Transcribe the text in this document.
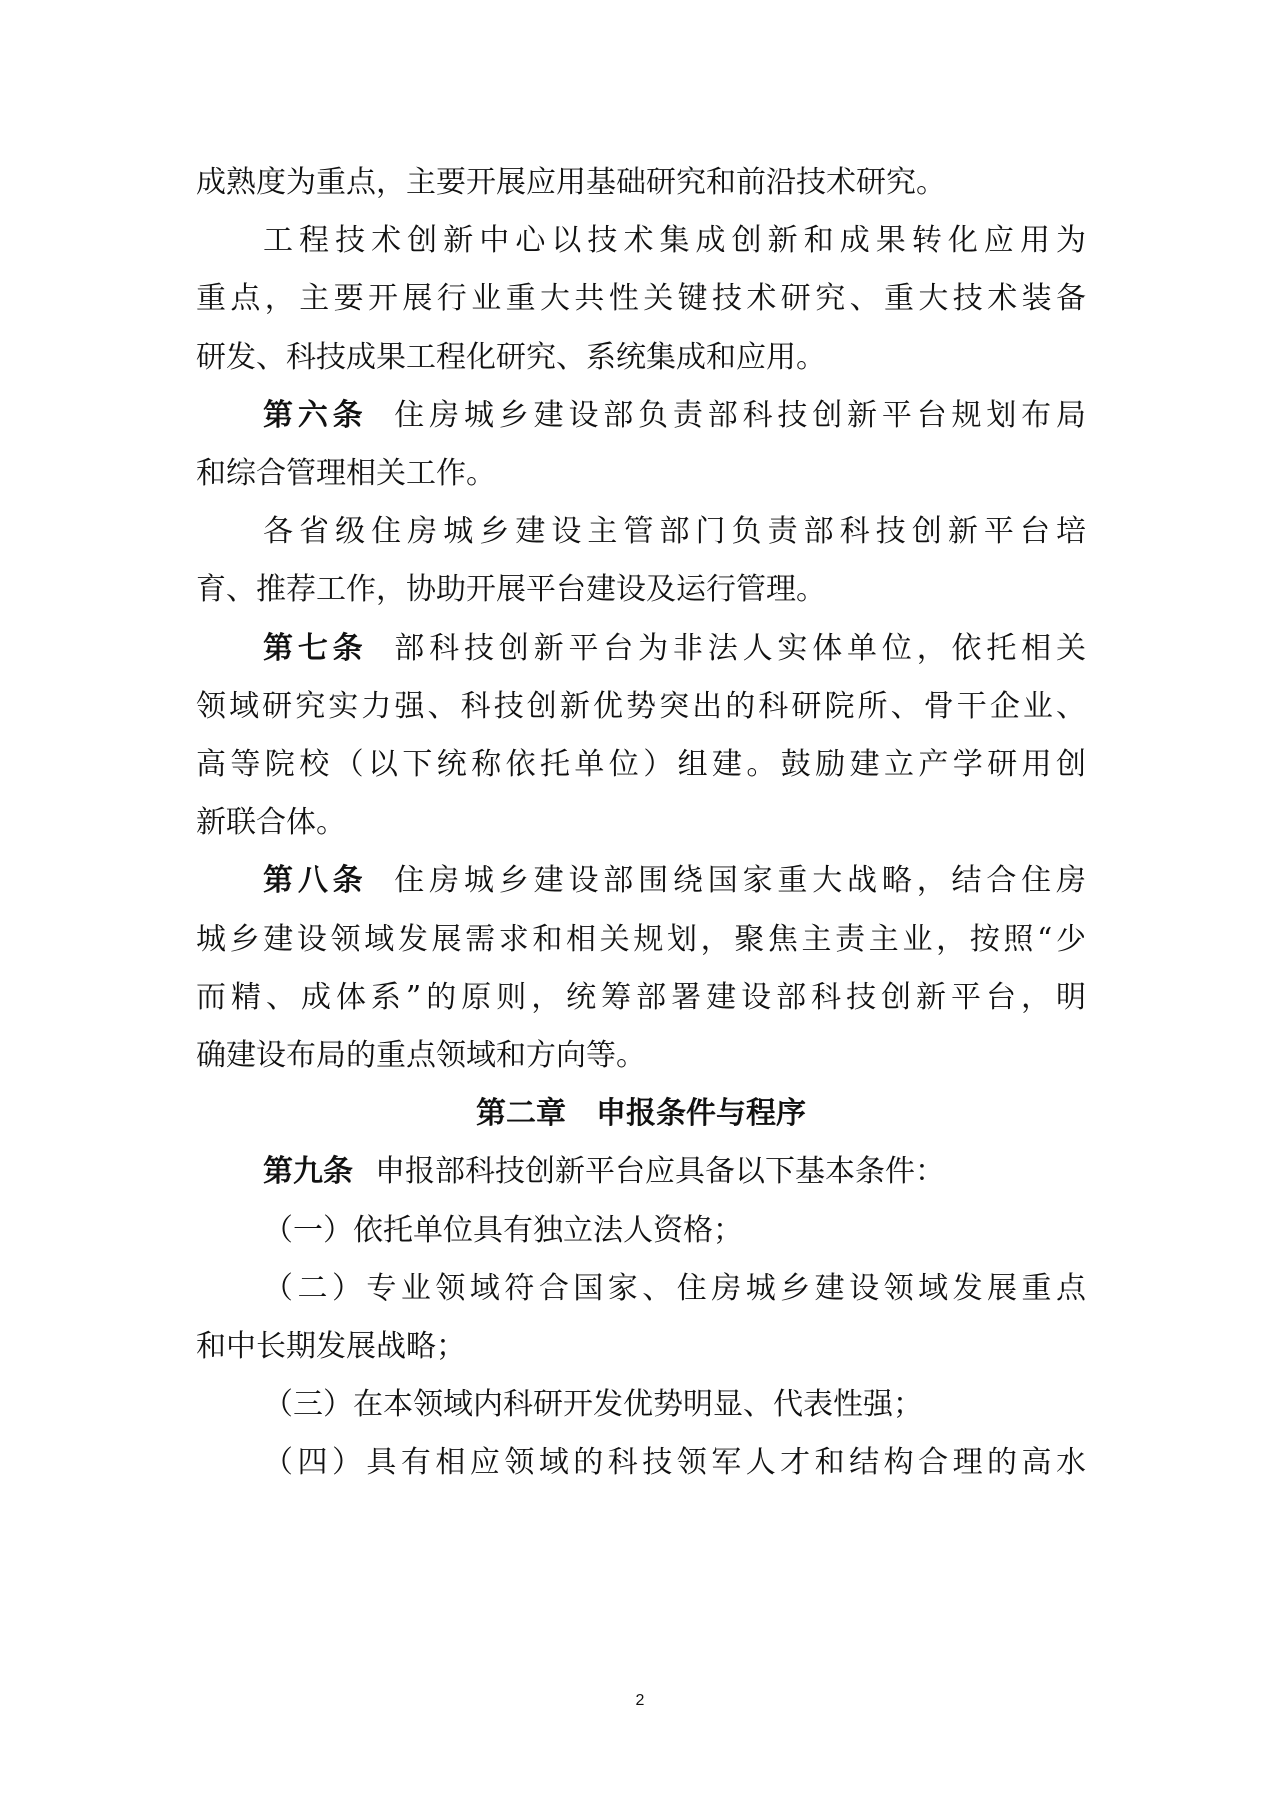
成熟度为重点，主要开展应用基础研究和前沿技术研究。
工程技术创新中心以技术集成创新和成果转化应用为
重点，主要开展行业重大共性关键技术研究、重大技术装备
研发、科技成果工程化研究、系统集成和应用。
第六条 住房城乡建设部负责部科技创新平台规划布局
和综合管理相关工作。
各省级住房城乡建设主管部门负责部科技创新平台培
育、推荐工作，协助开展平台建设及运行管理。
第七条 部科技创新平台为非法人实体单位，依托相关
领域研究实力强、科技创新优势突出的科研院所、骨干企业、
高等院校（以下统称依托单位）组建。鼓励建立产学研用创
新联合体。
第八条 住房城乡建设部围绕国家重大战略，结合住房
城乡建设领域发展需求和相关规划，聚焦主责主业，按照“少
而精、成体系”的原则，统筹部署建设部科技创新平台，明
确建设布局的重点领域和方向等。
第二章　申报条件与程序
第九条 申报部科技创新平台应具备以下基本条件：
（一）依托单位具有独立法人资格；
（二）专业领域符合国家、住房城乡建设领域发展重点
和中长期发展战略；
（三）在本领域内科研开发优势明显、代表性强；
（四）具有相应领域的科技领军人才和结构合理的高水
2
